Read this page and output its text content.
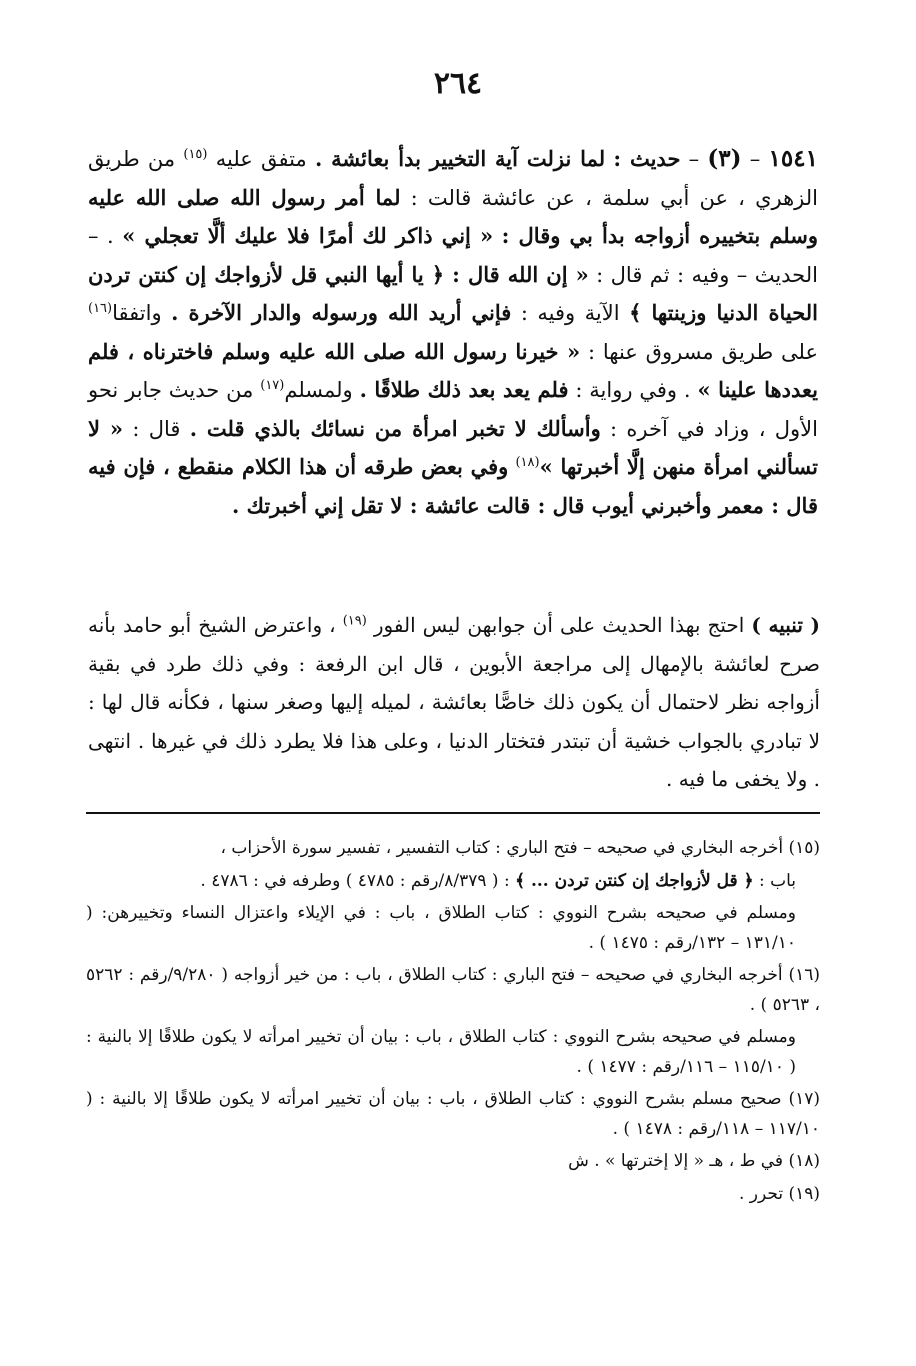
٢٦٤
١٥٤١ – (٣) – حديث : لما نزلت آية التخيير بدأ بعائشة . متفق عليه $^{(١٥)}$ من طريق الزهري ، عن أبي سلمة ، عن عائشة قالت : لما أمر رسول الله صلى الله عليه وسلم بتخييره أزواجه بدأ بي وقال : « إني ذاكر لك أمرًا فلا عليك ألَّا تعجلي » . – الحديث – وفيه : ثم قال : « إن الله قال : ﴿ يا أيها النبي قل لأزواجك إن كنتن تردن الحياة الدنيا وزينتها ﴾ الآية وفيه : فإني أريد الله ورسوله والدار الآخرة . واتفقا$^{(١٦)}$ على طريق مسروق عنها : « خيرنا رسول الله صلى الله عليه وسلم فاخترناه ، فلم يعددها علينا » . وفي رواية : فلم يعد بعد ذلك طلاقًا . ولمسلم$^{(١٧)}$ من حديث جابر نحو الأول ، وزاد في آخره : وأسألك لا تخبر امرأة من نسائك بالذي قلت . قال : « لا تسألني امرأة منهن إلَّا أخبرتها »$^{(١٨)}$ وفي بعض طرقه أن هذا الكلام منقطع ، فإن فيه قال : معمر وأخبرني أيوب قال : قالت عائشة : لا تقل إني أخبرتك .
( تنبيه ) احتج بهذا الحديث على أن جوابهن ليس الفور $^{(١٩)}$ ، واعترض الشيخ أبو حامد بأنه صرح لعائشة بالإمهال إلى مراجعة الأبوين ، قال ابن الرفعة : وفي ذلك طرد في بقية أزواجه نظر لاحتمال أن يكون ذلك خاصًّا بعائشة ، لميله إليها وصغر سنها ، فكأنه قال لها : لا تبادري بالجواب خشية أن تبتدر فتختار الدنيا ، وعلى هذا فلا يطرد ذلك في غيرها . انتهى . ولا يخفى ما فيه .

(١٥) أخرجه البخاري في صحيحه – فتح الباري : كتاب التفسير ، تفسير سورة الأحزاب ،

باب : ﴿ قل لأزواجك إن كنتن تردن ... ﴾ : ( ٨/٣٧٩/رقم : ٤٧٨٥ ) وطرفه في : ٤٧٨٦ .

ومسلم في صحيحه بشرح النووي : كتاب الطلاق ، باب : في الإيلاء واعتزال النساء وتخييرهن: ( ١٣١/١٠ – ١٣٢/رقم : ١٤٧٥ ) .

(١٦) أخرجه البخاري في صحيحه – فتح الباري : كتاب الطلاق ، باب : من خير أزواجه ( ٩/٢٨٠/رقم : ٥٢٦٢ ، ٥٢٦٣ ) .

ومسلم في صحيحه بشرح النووي : كتاب الطلاق ، باب : بيان أن تخيير امرأته لا يكون طلاقًا إلا بالنية : ( ١١٥/١٠ – ١١٦/رقم : ١٤٧٧ ) .

(١٧) صحيح مسلم بشرح النووي : كتاب الطلاق ، باب : بيان أن تخيير امرأته لا يكون طلاقًا إلا بالنية : ( ١١٧/١٠ – ١١٨/رقم : ١٤٧٨ ) .

(١٨) في ط ، هـ « إلا إخترتها » . ش

(١٩) تحرر .
